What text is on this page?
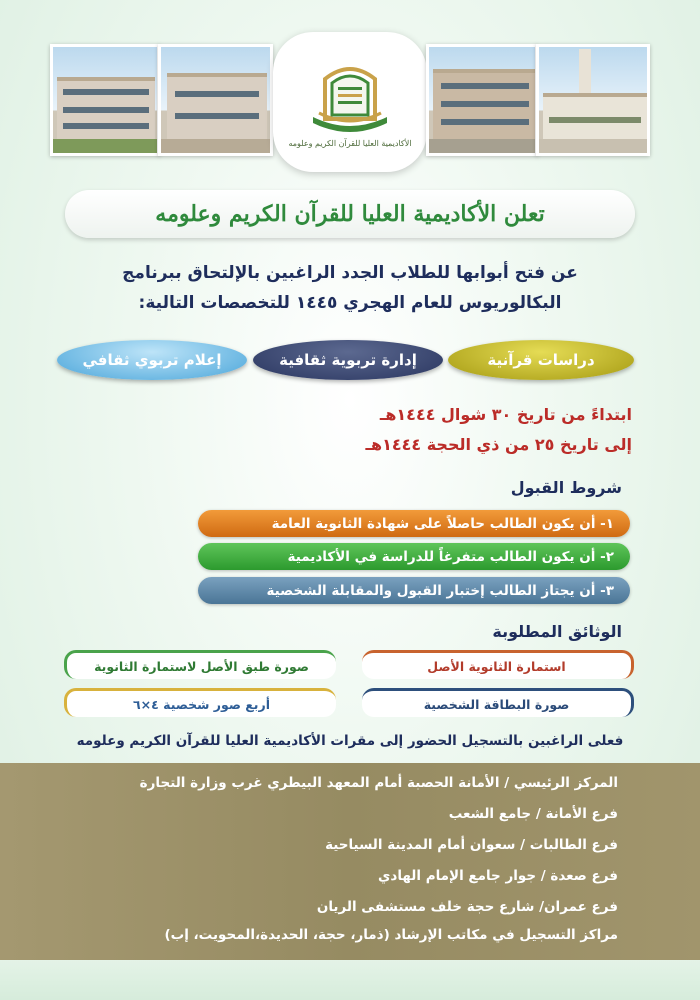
الأكاديمية العليا للقرآن الكريم وعلومه
تعلن الأكاديمية العليا للقرآن الكريم وعلومه
عن فتح أبوابها للطلاب الجدد الراغبين بالإلتحاق ببرنامج
البكالوريوس للعام الهجري ١٤٤٥ للتخصصات التالية:
دراسات قرآنية
إدارة تربوية ثقافية
إعلام تربوي ثقافي
ابتداءً من تاريخ ٣٠ شوال ١٤٤٤هـ
إلى تاريخ ٢٥ من ذي الحجة ١٤٤٤هـ
شروط القبول
١- أن يكون الطالب حاصلاً على شهادة الثانوية العامة
٢- أن يكون الطالب متفرغاً للدراسة في الأكاديمية
٣- أن يجتاز الطالب إختبار القبول والمقابلة الشخصية
الوثائق المطلوبة
استمارة الثانوية الأصل
صورة طبق الأصل لاستمارة الثانوية
صورة البطاقة الشخصية
أربع صور شخصية ٤×٦
فعلى الراغبين بالتسجيل الحضور إلى مقرات الأكاديمية العليا للقرآن الكريم وعلومه
المركز الرئيسي / الأمانة الحصبة أمام المعهد البيطري غرب وزارة التجارة
فرع الأمانة / جامع الشعب
فرع الطالبات / سعوان أمام المدينة السياحية
فرع صعدة / جوار جامع الإمام الهادي
فرع عمران/ شارع حجة خلف مستشفى الريان
مراكز التسجيل في مكاتب الإرشاد (ذمار، حجة، الحديدة،المحويت، إب)
